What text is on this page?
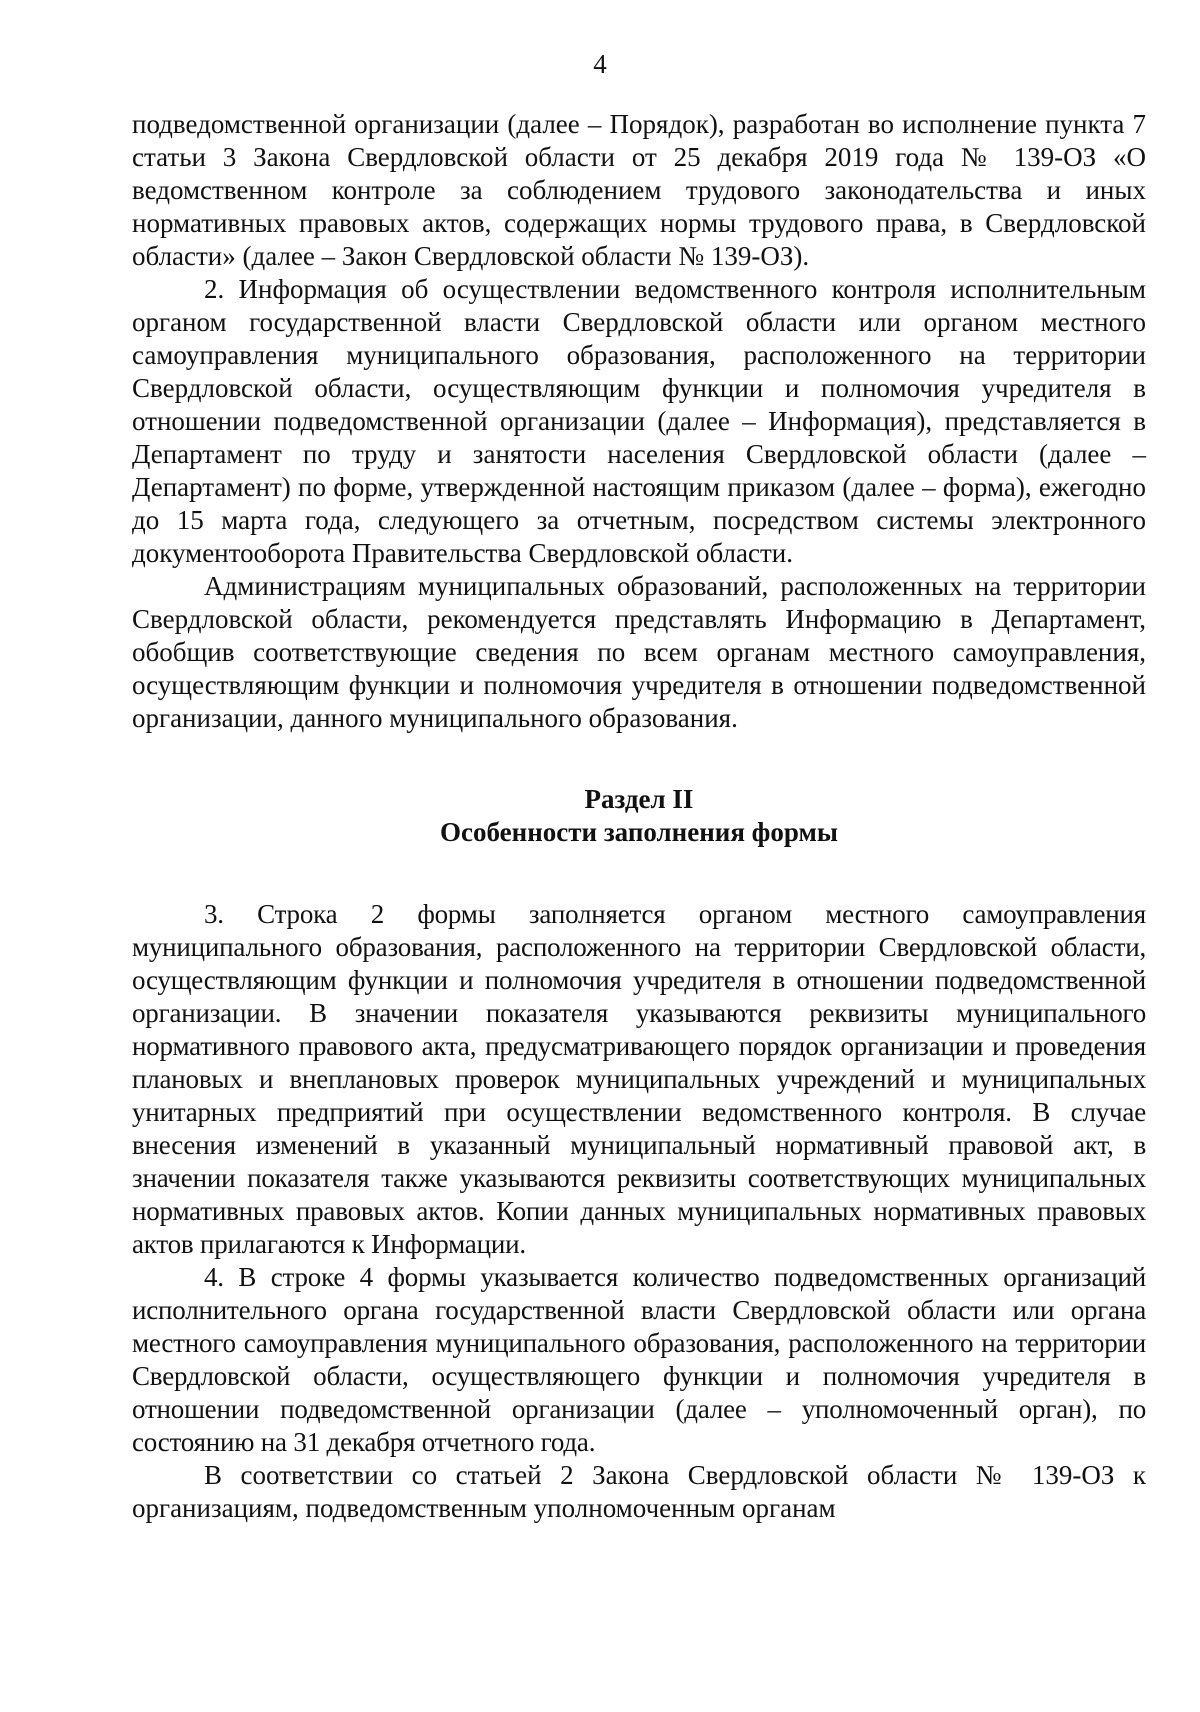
4

подведомственной организации (далее – Порядок), разработан во исполнение пункта 7 статьи 3 Закона Свердловской области от 25 декабря 2019 года № 139-ОЗ «О ведомственном контроле за соблюдением трудового законодательства и иных нормативных правовых актов, содержащих нормы трудового права, в Свердловской области» (далее – Закон Свердловской области № 139-ОЗ).

2. Информация об осуществлении ведомственного контроля исполнительным органом государственной власти Свердловской области или органом местного самоуправления муниципального образования, расположенного на территории Свердловской области, осуществляющим функции и полномочия учредителя в отношении подведомственной организации (далее – Информация), представляется в Департамент по труду и занятости населения Свердловской области (далее – Департамент) по форме, утвержденной настоящим приказом (далее – форма), ежегодно до 15 марта года, следующего за отчетным, посредством системы электронного документооборота Правительства Свердловской области.

Администрациям муниципальных образований, расположенных на территории Свердловской области, рекомендуется представлять Информацию в Департамент, обобщив соответствующие сведения по всем органам местного самоуправления, осуществляющим функции и полномочия учредителя в отношении подведомственной организации, данного муниципального образования.

Раздел II

Особенности заполнения формы

3. Строка 2 формы заполняется органом местного самоуправления муниципального образования, расположенного на территории Свердловской области, осуществляющим функции и полномочия учредителя в отношении подведомственной организации. В значении показателя указываются реквизиты муниципального нормативного правового акта, предусматривающего порядок организации и проведения плановых и внеплановых проверок муниципальных учреждений и муниципальных унитарных предприятий при осуществлении ведомственного контроля. В случае внесения изменений в указанный муниципальный нормативный правовой акт, в значении показателя также указываются реквизиты соответствующих муниципальных нормативных правовых актов. Копии данных муниципальных нормативных правовых актов прилагаются к Информации.

4. В строке 4 формы указывается количество подведомственных организаций исполнительного органа государственной власти Свердловской области или органа местного самоуправления муниципального образования, расположенного на территории Свердловской области, осуществляющего функции и полномочия учредителя в отношении подведомственной организации (далее – уполномоченный орган), по состоянию на 31 декабря отчетного года.

В соответствии со статьей 2 Закона Свердловской области № 139-ОЗ к организациям, подведомственным уполномоченным органам
